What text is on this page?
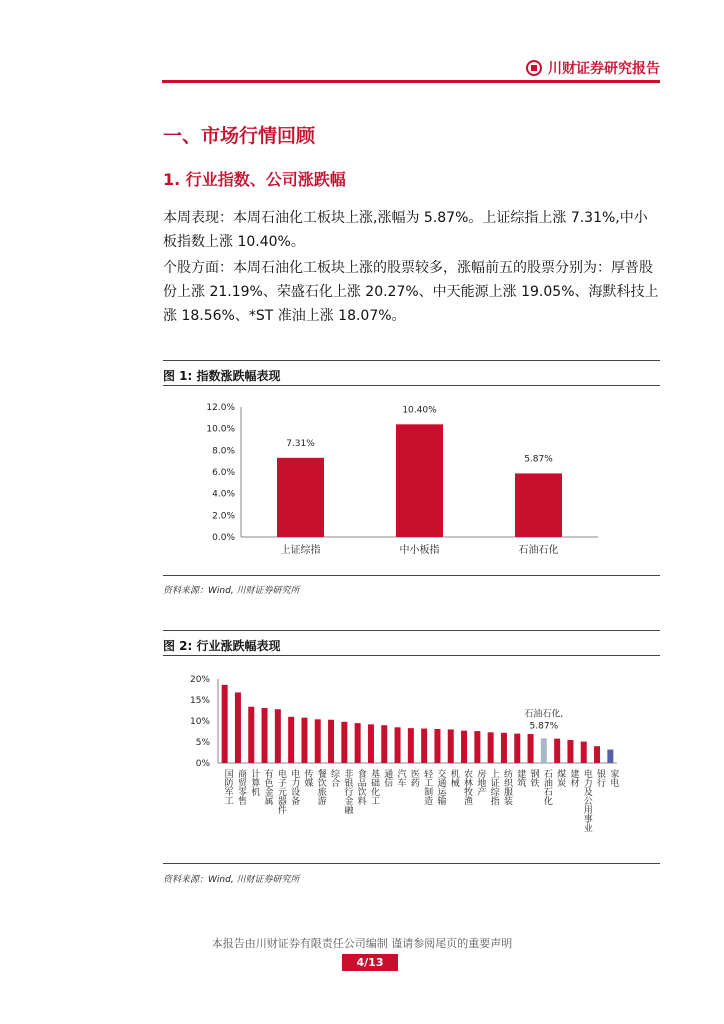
川财证券研究报告
一、市场行情回顾
1. 行业指数、公司涨跌幅
本周表现：本周石油化工板块上涨,涨幅为 5.87%。上证综指上涨 7.31%,中小板指数上涨 10.40%。
个股方面：本周石油化工板块上涨的股票较多，涨幅前五的股票分别为：厚普股份上涨 21.19%、荣盛石化上涨 20.27%、中天能源上涨 19.05%、海默科技上涨 18.56%、*ST 准油上涨 18.07%。
图 1: 指数涨跌幅表现
0.0%
2.0%
4.0%
6.0%
8.0%
10.0%
12.0%
7.31%
上证综指
10.40%
中小板指
5.87%
石油石化
资料来源：Wind, 川财证券研究所
图 2: 行业涨跌幅表现
0%
5%
10%
15%
20%
国防军工 商贸零售 计算机 有色金属 电子元器件 电力设备 传媒 餐饮旅游 综合 非银行金融 食品饮料 基础化工 通信 汽车 医药 轻工制造 交通运输 机械 农林牧渔 房地产 上证综指 纺织服装 建筑 钢铁 石油石化 煤炭 建材 电力及公用事业 银行 家电
石油石化,
5.87%
资料来源：Wind, 川财证券研究所
本报告由川财证券有限责任公司编制 谨请参阅尾页的重要声明
4/13
